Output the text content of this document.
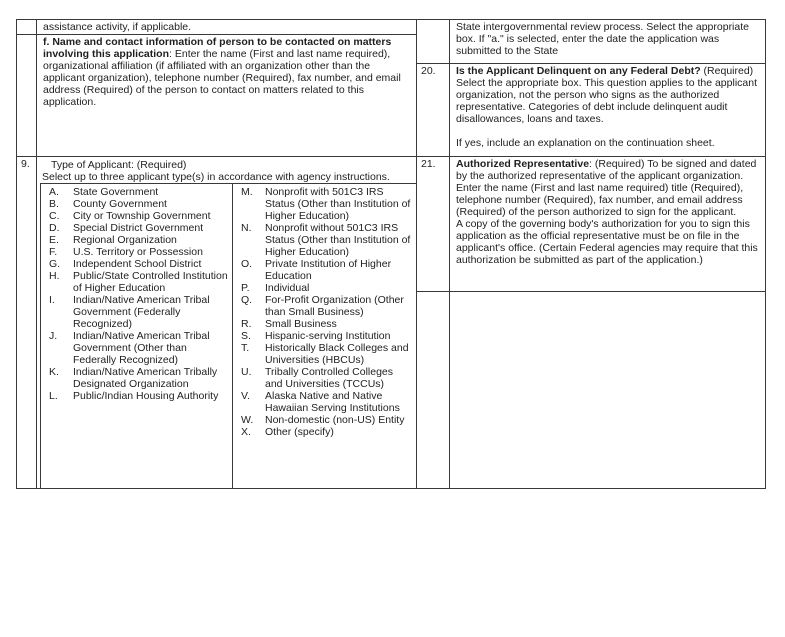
assistance activity, if applicable.

f. Name and contact information of person to be contacted on matters involving this application: Enter the name (First and last name required), organizational affiliation (if affiliated with an organization other than the applicant organization), telephone number (Required), fax number, and email address (Required) of the person to contact on matters related to this application.

9.	Type of Applicant: (Required)
Select up to three applicant type(s) in accordance with agency instructions.
A.	State Government
B.	County Government
C.	City or Township Government
D.	Special District Government
E.	Regional Organization
F.	U.S. Territory or Possession
G.	Independent School District
H.	Public/State Controlled Institution of Higher Education
I.	Indian/Native American Tribal Government (Federally Recognized)
J.	Indian/Native American Tribal Government (Other than Federally Recognized)
K.	Indian/Native American Tribally Designated Organization
L.	Public/Indian Housing Authority
M.	Nonprofit with 501C3 IRS Status (Other than Institution of Higher Education)
N.	Nonprofit without 501C3 IRS Status (Other than Institution of Higher Education)
O.	Private Institution of Higher Education
P.	Individual
Q.	For-Profit Organization (Other than Small Business)
R.	Small Business
S.	Hispanic-serving Institution
T.	Historically Black Colleges and Universities (HBCUs)
U.	Tribally Controlled Colleges and Universities (TCCUs)
V.	Alaska Native and Native Hawaiian Serving Institutions
W.	Non-domestic (non-US) Entity
X.	Other (specify)
State intergovernmental review process. Select the appropriate box. If "a." is selected, enter the date the application was submitted to the State
20.	Is the Applicant Delinquent on any Federal Debt? (Required) Select the appropriate box. This question applies to the applicant organization, not the person who signs as the authorized representative. Categories of debt include delinquent audit disallowances, loans and taxes.

If yes, include an explanation on the continuation sheet.

21.	Authorized Representative: (Required) To be signed and dated by the authorized representative of the applicant organization. Enter the name (First and last name required) title (Required), telephone number (Required), fax number, and email address (Required) of the person authorized to sign for the applicant.

A copy of the governing body's authorization for you to sign this application as the official representative must be on file in the applicant's office. (Certain Federal agencies may require that this authorization be submitted as part of the application.)
